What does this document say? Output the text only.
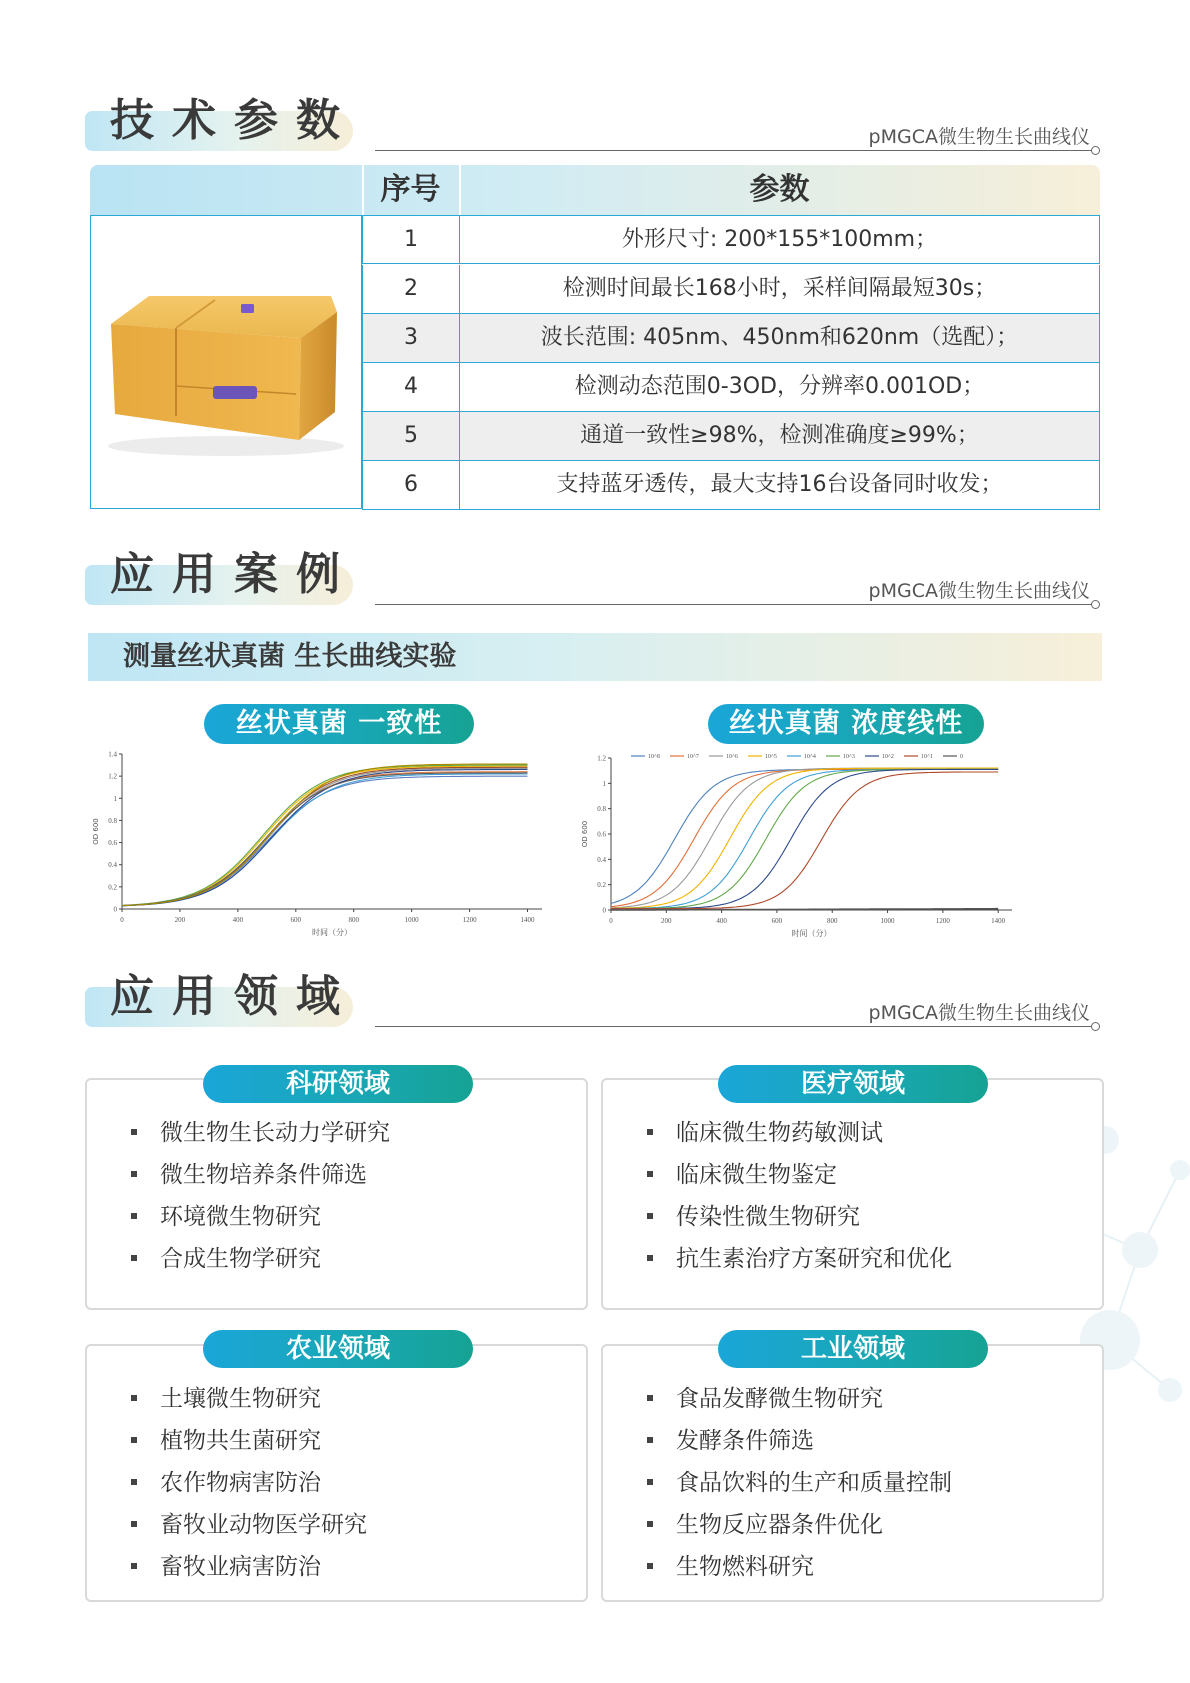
技术参数	pMGCA微生物生长曲线仪
序号	参数
1	外形尺寸: 200*155*100mm；
2	检测时间最长168小时，采样间隔最短30s；
3	波长范围: 405nm、450nm和620nm（选配）；
4	检测动态范围0-3OD，分辨率0.001OD；
5	通道一致性≥98%，检测准确度≥99%；
6	支持蓝牙透传，最大支持16台设备同时收发；
应用案例	pMGCA微生物生长曲线仪
测量丝状真菌 生长曲线实验
丝状真菌 一致性	丝状真菌 浓度线性
0	200	400	600	800	1000	1200	1400
0
0.2
0.4
0.6
0.8
1
1.2
1.4
时间（分）
OD 600
0	200	400	600	800	1000	1200	1400
0
0.2
0.4
0.6
0.8
1
1.2
时间（分）
OD 600
10^8	10^7	10^6	10^5	10^4	10^3	10^2	10^1	0
应用领域	pMGCA微生物生长曲线仪
微生物生长动力学研究
微生物培养条件筛选
环境微生物研究
合成生物学研究
科研领域
临床微生物药敏测试
临床微生物鉴定
传染性微生物研究
抗生素治疗方案研究和优化
医疗领域
土壤微生物研究
植物共生菌研究
农作物病害防治
畜牧业动物医学研究
畜牧业病害防治
农业领域
食品发酵微生物研究
发酵条件筛选
食品饮料的生产和质量控制
生物反应器条件优化
生物燃料研究
工业领域
